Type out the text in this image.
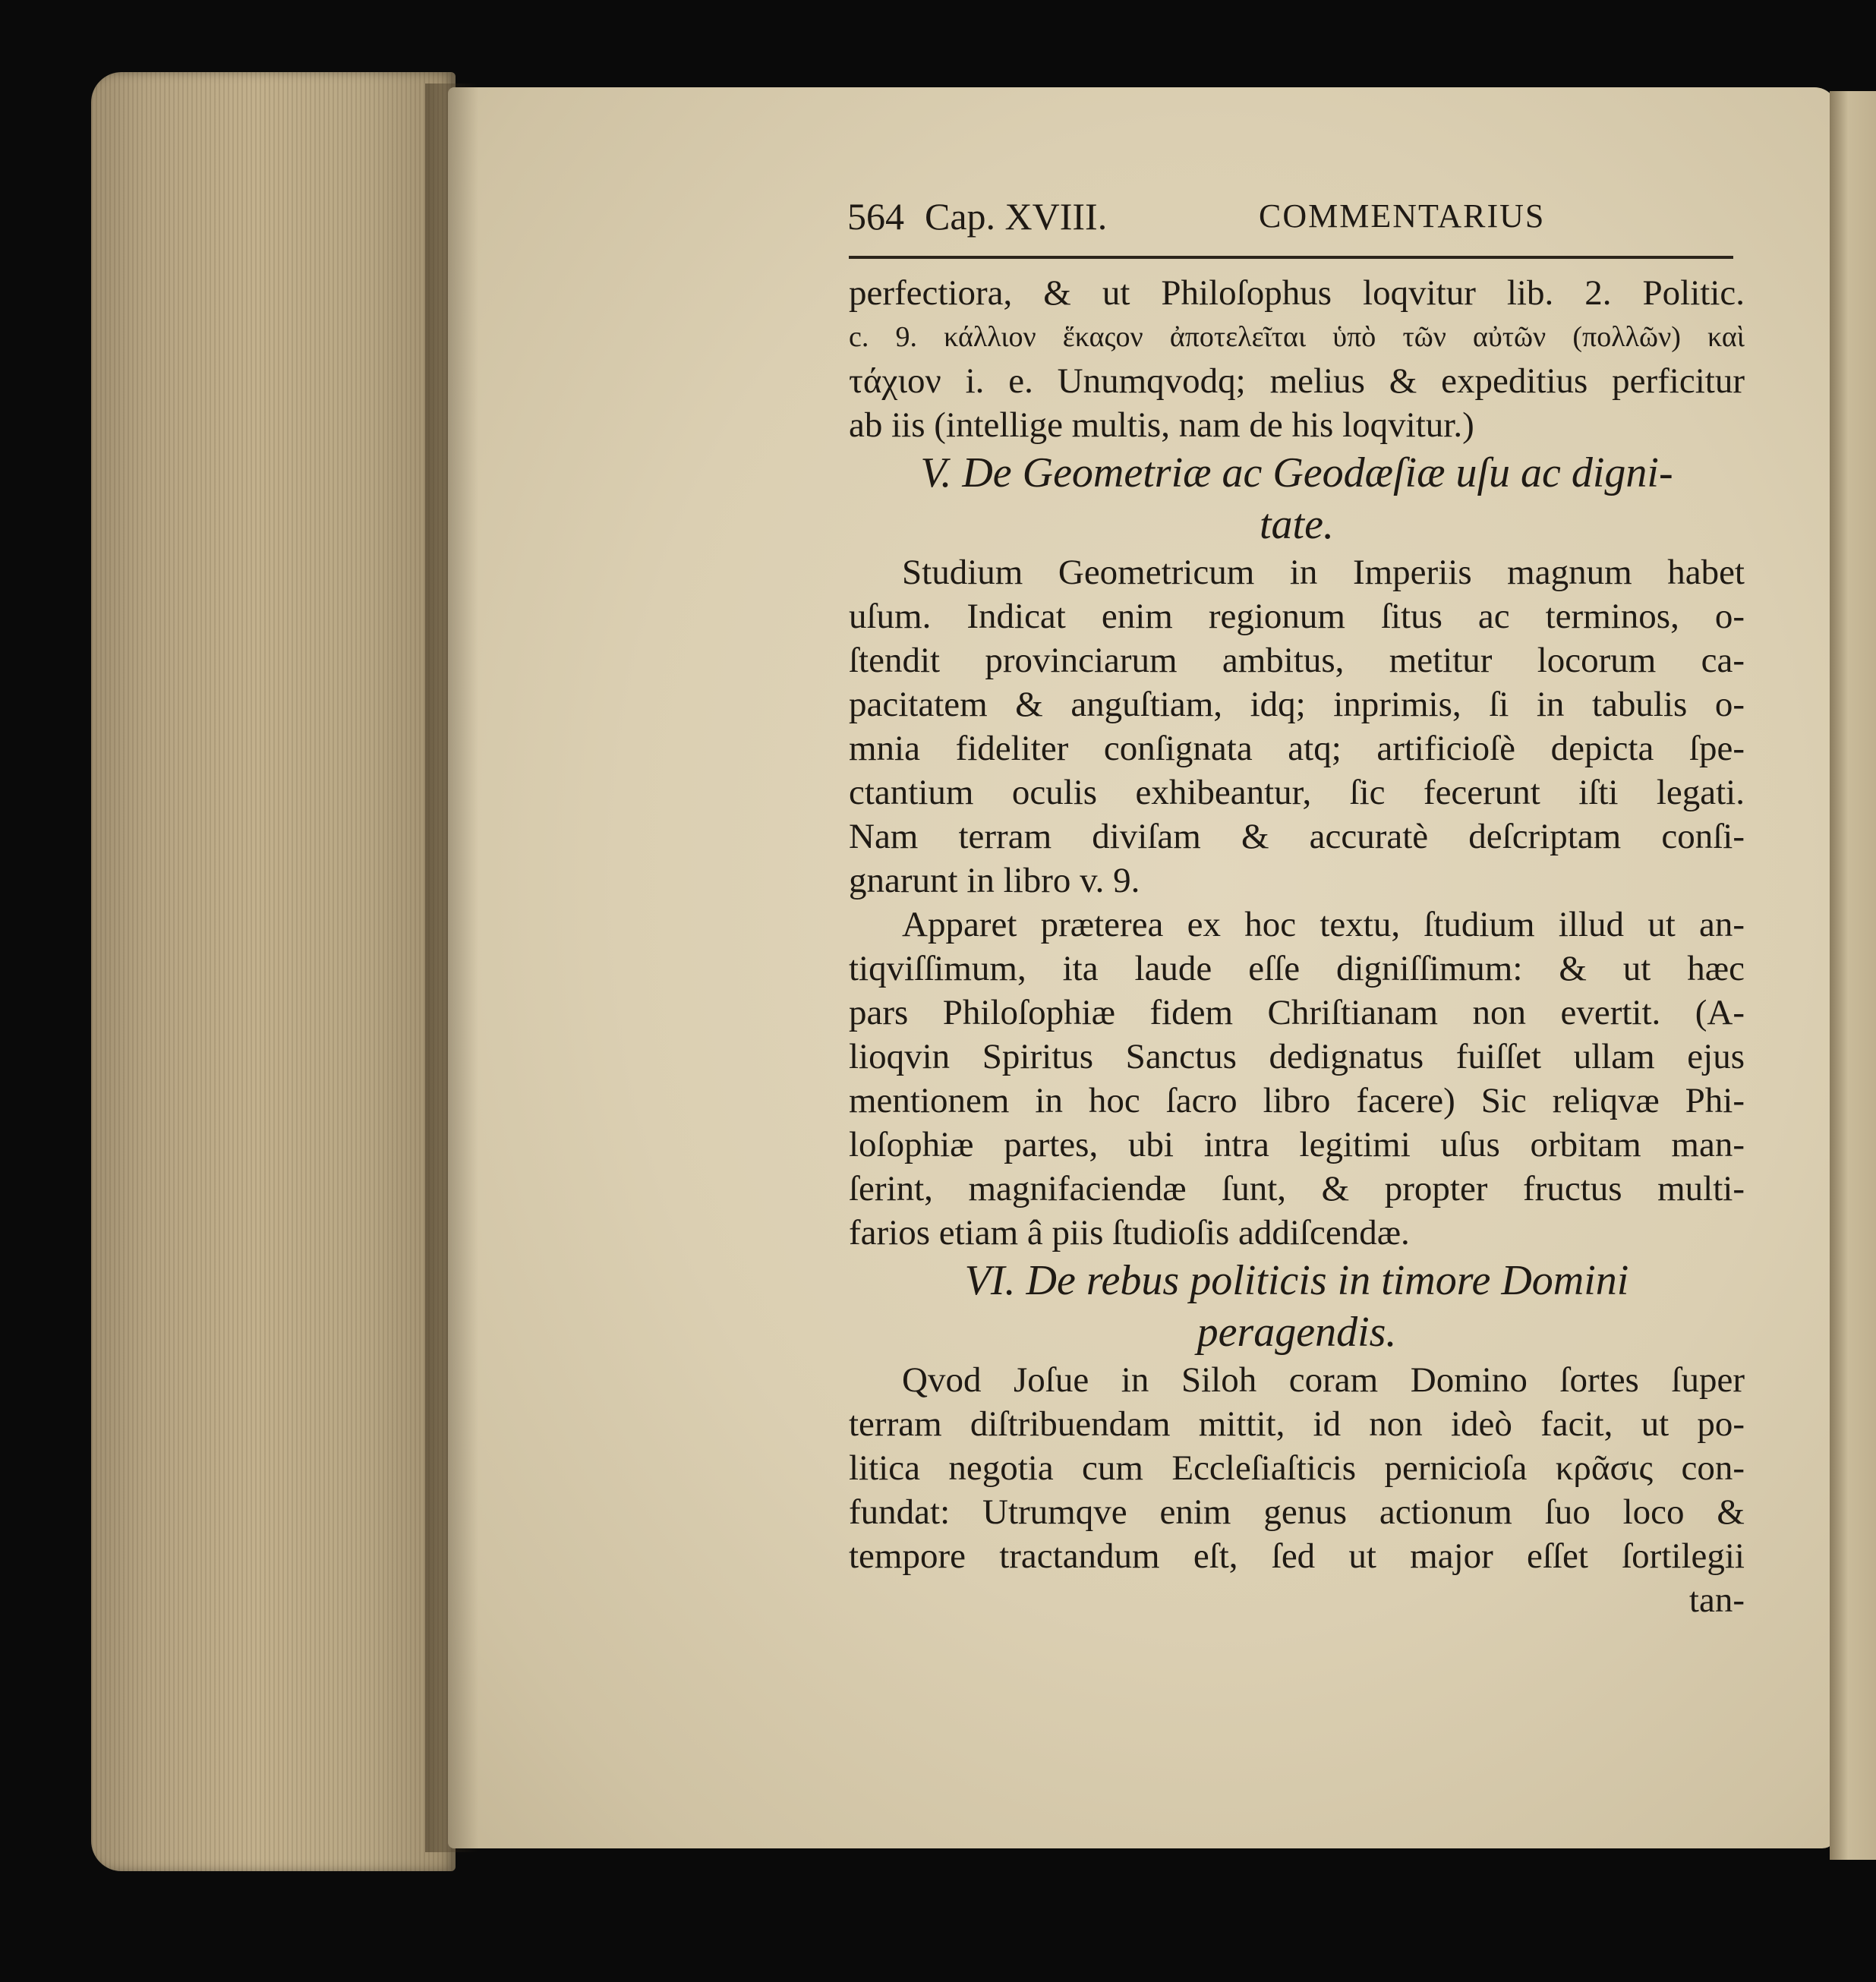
564 Cap. XVIII.	COMMENTARIUS
perfectiora, & ut Philoſophus loqvitur lib. 2. Politic.
c. 9. κάλλιον ἕκαςον ἀποτελεῖται ὑπὸ τῶν αὐτῶν (πολλῶν) καὶ
τάχιον i. e. Unumqvodq; melius & expeditius perficitur
ab iis (intellige multis, nam de his loqvitur.)
V. De Geometriæ ac Geodæſiæ uſu ac digni-
tate.
Studium Geometricum in Imperiis magnum habet
uſum. Indicat enim regionum ſitus ac terminos, o-
ſtendit provinciarum ambitus, metitur locorum ca-
pacitatem & anguſtiam, idq; inprimis, ſi in tabulis o-
mnia fideliter conſignata atq; artificioſè depicta ſpe-
ctantium oculis exhibeantur, ſic fecerunt iſti legati.
Nam terram diviſam & accuratè deſcriptam conſi-
gnarunt in libro v. 9.
Apparet præterea ex hoc textu, ſtudium illud ut an-
tiqviſſimum, ita laude eſſe digniſſimum: & ut hæc
pars Philoſophiæ fidem Chriſtianam non evertit. (A-
lioqvin Spiritus Sanctus dedignatus fuiſſet ullam ejus
mentionem in hoc ſacro libro facere) Sic reliqvæ Phi-
loſophiæ partes, ubi intra legitimi uſus orbitam man-
ſerint, magnifaciendæ ſunt, & propter fructus multi-
farios etiam â piis ſtudioſis addiſcendæ.
VI. De rebus politicis in timore Domini
peragendis.
Qvod Joſue in Siloh coram Domino ſortes ſuper
terram diſtribuendam mittit, id non ideò facit, ut po-
litica negotia cum Eccleſiaſticis pernicioſa κρᾶσις con-
fundat: Utrumqve enim genus actionum ſuo loco &
tempore tractandum eſt, ſed ut major eſſet ſortilegii
tan-
